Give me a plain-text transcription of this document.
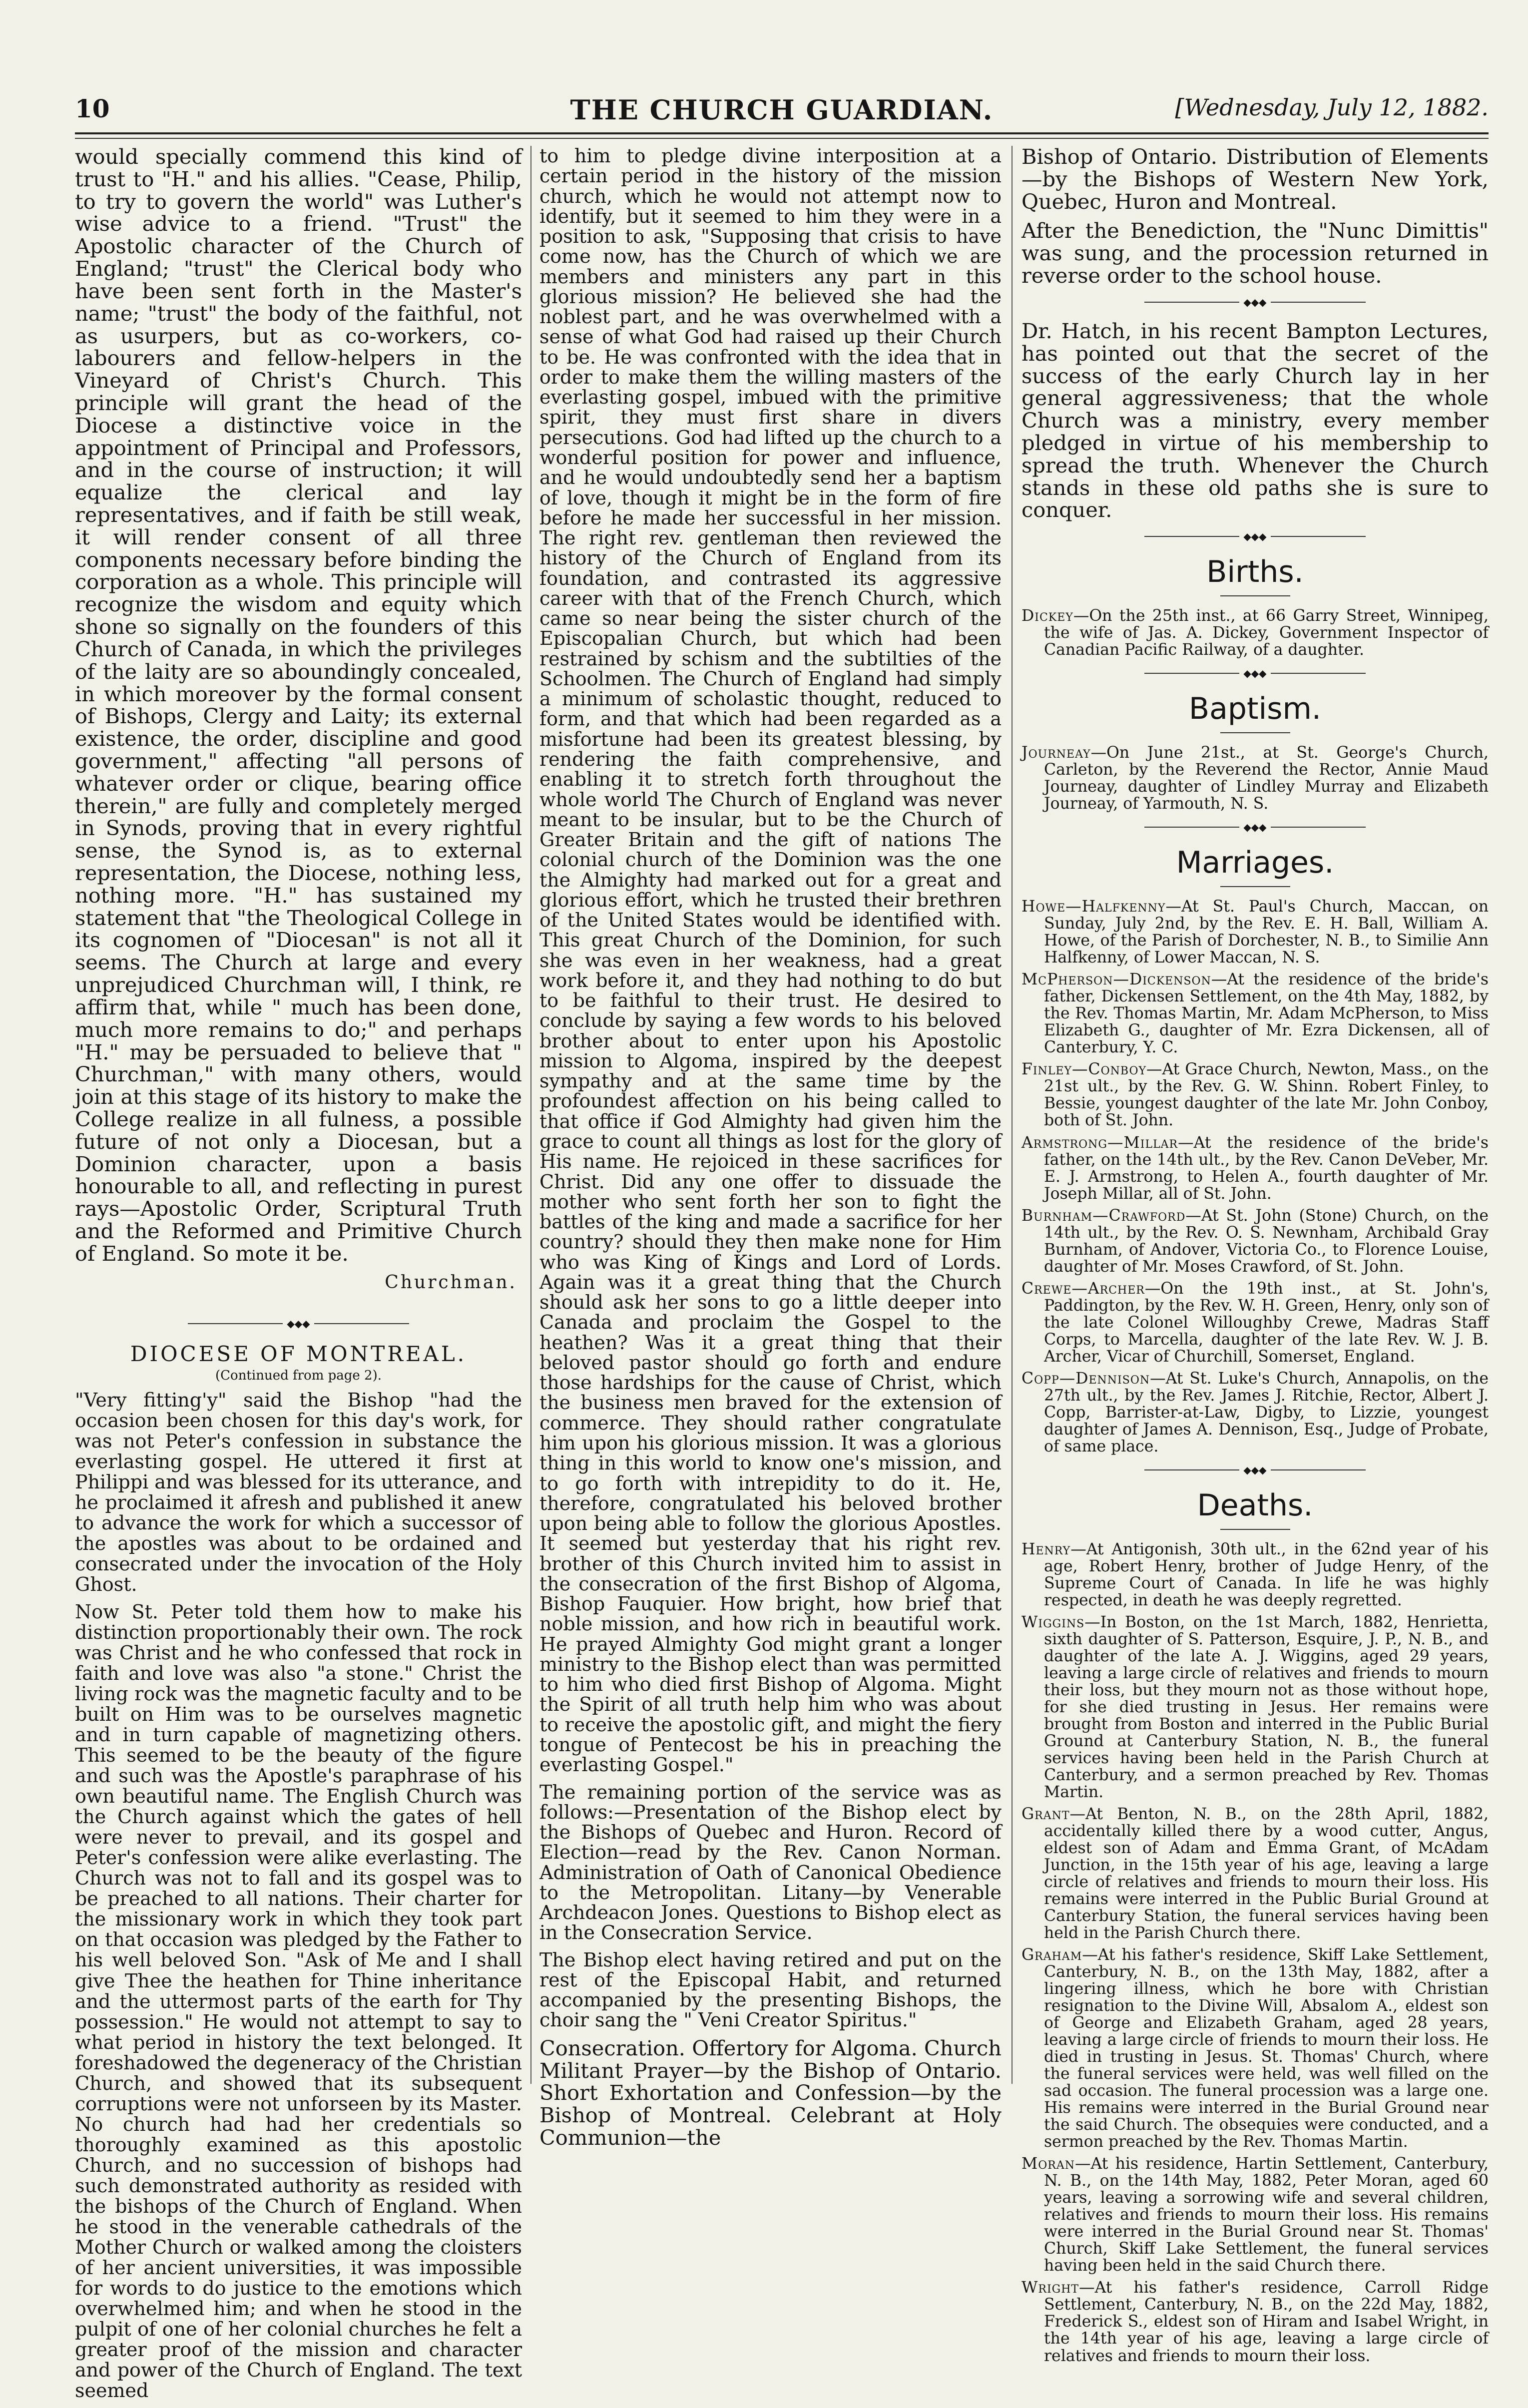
10	THE CHURCH GUARDIAN.	[Wednesday, July 12, 1882.

would specially commend this kind of trust to "H." and his allies. "Cease, Philip, to try to govern the world" was Luther's wise advice to a friend. "Trust" the Apostolic character of the Church of England; "trust" the Clerical body who have been sent forth in the Master's name; "trust" the body of the faithful, not as usurpers, but as co-workers, co-labourers and fellow-helpers in the Vineyard of Christ's Church. This principle will grant the head of the Diocese a distinctive voice in the appointment of Principal and Professors, and in the course of instruction; it will equalize the clerical and lay representatives, and if faith be still weak, it will render consent of all three components necessary before binding the corporation as a whole. This principle will recognize the wisdom and equity which shone so signally on the founders of this Church of Canada, in which the privileges of the laity are so aboundingly concealed, in which moreover by the formal consent of Bishops, Clergy and Laity; its external existence, the order, discipline and good government," affecting "all persons of whatever order or clique, bearing office therein," are fully and completely merged in Synods, proving that in every rightful sense, the Synod is, as to external representation, the Diocese, nothing less, nothing more. "H." has sustained my statement that "the Theological College in its cognomen of "Diocesan" is not all it seems. The Church at large and every unprejudiced Churchman will, I think, re affirm that, while " much has been done, much more remains to do;" and perhaps "H." may be persuaded to believe that " Churchman," with many others, would join at this stage of its history to make the College realize in all fulness, a possible future of not only a Diocesan, but a Dominion character, upon a basis honourable to all, and reflecting in purest rays—Apostolic Order, Scriptural Truth and the Reformed and Primitive Church of England. So mote it be.

Churchman.
◆◆◆
DIOCESE OF MONTREAL.
(Continued from page 2).

"Very fitting'y" said the Bishop "had the occasion been chosen for this day's work, for was not Peter's confession in substance the everlasting gospel. He uttered it first at Philippi and was blessed for its utterance, and he proclaimed it afresh and published it anew to advance the work for which a successor of the apostles was about to be ordained and consecrated under the invocation of the Holy Ghost.

Now St. Peter told them how to make his distinction proportionably their own. The rock was Christ and he who confessed that rock in faith and love was also "a stone." Christ the living rock was the magnetic faculty and to be built on Him was to be ourselves magnetic and in turn capable of magnetizing others. This seemed to be the beauty of the figure and such was the Apostle's paraphrase of his own beautiful name. The English Church was the Church against which the gates of hell were never to prevail, and its gospel and Peter's confession were alike everlasting. The Church was not to fall and its gospel was to be preached to all nations. Their charter for the missionary work in which they took part on that occasion was pledged by the Father to his well beloved Son. "Ask of Me and I shall give Thee the heathen for Thine inheritance and the uttermost parts of the earth for Thy possession." He would not attempt to say to what period in history the text belonged. It foreshadowed the degeneracy of the Christian Church, and showed that its subsequent corruptions were not unforseen by its Master. No church had had her credentials so thoroughly examined as this apostolic Church, and no succession of bishops had such demonstrated authority as resided with the bishops of the Church of England. When he stood in the venerable cathedrals of the Mother Church or walked among the cloisters of her ancient universities, it was impossible for words to do justice to the emotions which overwhelmed him; and when he stood in the pulpit of one of her colonial churches he felt a greater proof of the mission and character and power of the Church of England. The text seemed

to him to pledge divine interposition at a certain period in the history of the mission church, which he would not attempt now to identify, but it seemed to him they were in a position to ask, "Supposing that crisis to have come now, has the Church of which we are members and ministers any part in this glorious mission? He believed she had the noblest part, and he was overwhelmed with a sense of what God had raised up their Church to be. He was confronted with the idea that in order to make them the willing masters of the everlasting gospel, imbued with the primitive spirit, they must first share in divers persecutions. God had lifted up the church to a wonderful position for power and influence, and he would undoubtedly send her a baptism of love, though it might be in the form of fire before he made her successful in her mission. The right rev. gentleman then reviewed the history of the Church of England from its foundation, and contrasted its aggressive career with that of the French Church, which came so near being the sister church of the Episcopalian Church, but which had been restrained by schism and the subtilties of the Schoolmen. The Church of England had simply a minimum of scholastic thought, reduced to form, and that which had been regarded as a misfortune had been its greatest blessing, by rendering the faith comprehensive, and enabling it to stretch forth throughout the whole world The Church of England was never meant to be insular, but to be the Church of Greater Britain and the gift of nations The colonial church of the Dominion was the one the Almighty had marked out for a great and glorious effort, which he trusted their brethren of the United States would be identified with. This great Church of the Dominion, for such she was even in her weakness, had a great work before it, and they had nothing to do but to be faithful to their trust. He desired to conclude by saying a few words to his beloved brother about to enter upon his Apostolic mission to Algoma, inspired by the deepest sympathy and at the same time by the profoundest affection on his being called to that office if God Almighty had given him the grace to count all things as lost for the glory of His name. He rejoiced in these sacrifices for Christ. Did any one offer to dissuade the mother who sent forth her son to fight the battles of the king and made a sacrifice for her country? should they then make none for Him who was King of Kings and Lord of Lords. Again was it a great thing that the Church should ask her sons to go a little deeper into Canada and proclaim the Gospel to the heathen? Was it a great thing that their beloved pastor should go forth and endure those hardships for the cause of Christ, which the business men braved for the extension of commerce. They should rather congratulate him upon his glorious mission. It was a glorious thing in this world to know one's mission, and to go forth with intrepidity to do it. He, therefore, congratulated his beloved brother upon being able to follow the glorious Apostles. It seemed but yesterday that his right rev. brother of this Church invited him to assist in the consecration of the first Bishop of Algoma, Bishop Fauquier. How bright, how brief that noble mission, and how rich in beautiful work. He prayed Almighty God might grant a longer ministry to the Bishop elect than was permitted to him who died first Bishop of Algoma. Might the Spirit of all truth help him who was about to receive the apostolic gift, and might the fiery tongue of Pentecost be his in preaching the everlasting Gospel."

The remaining portion of the service was as follows:—Presentation of the Bishop elect by the Bishops of Quebec and Huron. Record of Election—read by the Rev. Canon Norman. Administration of Oath of Canonical Obedience to the Metropolitan. Litany—by Venerable Archdeacon Jones. Questions to Bishop elect as in the Consecration Service.

The Bishop elect having retired and put on the rest of the Episcopal Habit, and returned accompanied by the presenting Bishops, the choir sang the " Veni Creator Spiritus."

Consecration. Offertory for Algoma. Church Militant Prayer—by the Bishop of Ontario. Short Exhortation and Confession—by the Bishop of Montreal. Celebrant at Holy Communion—the

Bishop of Ontario. Distribution of Elements—by the Bishops of Western New York, Quebec, Huron and Montreal.

After the Benediction, the "Nunc Dimittis" was sung, and the procession returned in reverse order to the school house.

◆◆◆

Dr. Hatch, in his recent Bampton Lectures, has pointed out that the secret of the success of the early Church lay in her general aggressiveness; that the whole Church was a ministry, every member pledged in virtue of his membership to spread the truth. Whenever the Church stands in these old paths she is sure to conquer.

◆◆◆
Births.

Dickey—On the 25th inst., at 66 Garry Street, Winnipeg, the wife of Jas. A. Dickey, Government Inspector of Canadian Pacific Railway, of a daughter.

◆◆◆
Baptism.

Journeay—On June 21st., at St. George's Church, Carleton, by the Reverend the Rector, Annie Maud Journeay, daughter of Lindley Murray and Elizabeth Journeay, of Yarmouth, N. S.

◆◆◆
Marriages.

Howe—Halfkenny—At St. Paul's Church, Maccan, on Sunday, July 2nd, by the Rev. E. H. Ball, William A. Howe, of the Parish of Dorchester, N. B., to Similie Ann Halfkenny, of Lower Maccan, N. S.

McPherson—Dickenson—At the residence of the bride's father, Dickensen Settlement, on the 4th May, 1882, by the Rev. Thomas Martin, Mr. Adam McPherson, to Miss Elizabeth G., daughter of Mr. Ezra Dickensen, all of Canterbury, Y. C.

Finley—Conboy—At Grace Church, Newton, Mass., on the 21st ult., by the Rev. G. W. Shinn. Robert Finley, to Bessie, youngest daughter of the late Mr. John Conboy, both of St. John.

Armstrong—Millar—At the residence of the bride's father, on the 14th ult., by the Rev. Canon DeVeber, Mr. E. J. Armstrong, to Helen A., fourth daughter of Mr. Joseph Millar, all of St. John.

Burnham—Crawford—At St. John (Stone) Church, on the 14th ult., by the Rev. O. S. Newnham, Archibald Gray Burnham, of Andover, Victoria Co., to Florence Louise, daughter of Mr. Moses Crawford, of St. John.

Crewe—Archer—On the 19th inst., at St. John's, Paddington, by the Rev. W. H. Green, Henry, only son of the late Colonel Willoughby Crewe, Madras Staff Corps, to Marcella, daughter of the late Rev. W. J. B. Archer, Vicar of Churchill, Somerset, England.

Copp—Dennison—At St. Luke's Church, Annapolis, on the 27th ult., by the Rev. James J. Ritchie, Rector, Albert J. Copp, Barrister-at-Law, Digby, to Lizzie, youngest daughter of James A. Dennison, Esq., Judge of Probate, of same place.

◆◆◆
Deaths.

Henry—At Antigonish, 30th ult., in the 62nd year of his age, Robert Henry, brother of Judge Henry, of the Supreme Court of Canada. In life he was highly respected, in death he was deeply regretted.

Wiggins—In Boston, on the 1st March, 1882, Henrietta, sixth daughter of S. Patterson, Esquire, J. P., N. B., and daughter of the late A. J. Wiggins, aged 29 years, leaving a large circle of relatives and friends to mourn their loss, but they mourn not as those without hope, for she died trusting in Jesus. Her remains were brought from Boston and interred in the Public Burial Ground at Canterbury Station, N. B., the funeral services having been held in the Parish Church at Canterbury, and a sermon preached by Rev. Thomas Martin.

Grant—At Benton, N. B., on the 28th April, 1882, accidentally killed there by a wood cutter, Angus, eldest son of Adam and Emma Grant, of McAdam Junction, in the 15th year of his age, leaving a large circle of relatives and friends to mourn their loss. His remains were interred in the Public Burial Ground at Canterbury Station, the funeral services having been held in the Parish Church there.

Graham—At his father's residence, Skiff Lake Settlement, Canterbury, N. B., on the 13th May, 1882, after a lingering illness, which he bore with Christian resignation to the Divine Will, Absalom A., eldest son of George and Elizabeth Graham, aged 28 years, leaving a large circle of friends to mourn their loss. He died in trusting in Jesus. St. Thomas' Church, where the funeral services were held, was well filled on the sad occasion. The funeral procession was a large one. His remains were interred in the Burial Ground near the said Church. The obsequies were conducted, and a sermon preached by the Rev. Thomas Martin.

Moran—At his residence, Hartin Settlement, Canterbury, N. B., on the 14th May, 1882, Peter Moran, aged 60 years, leaving a sorrowing wife and several children, relatives and friends to mourn their loss. His remains were interred in the Burial Ground near St. Thomas' Church, Skiff Lake Settlement, the funeral services having been held in the said Church there.

Wright—At his father's residence, Carroll Ridge Settlement, Canterbury, N. B., on the 22d May, 1882, Frederick S., eldest son of Hiram and Isabel Wright, in the 14th year of his age, leaving a large circle of relatives and friends to mourn their loss.
